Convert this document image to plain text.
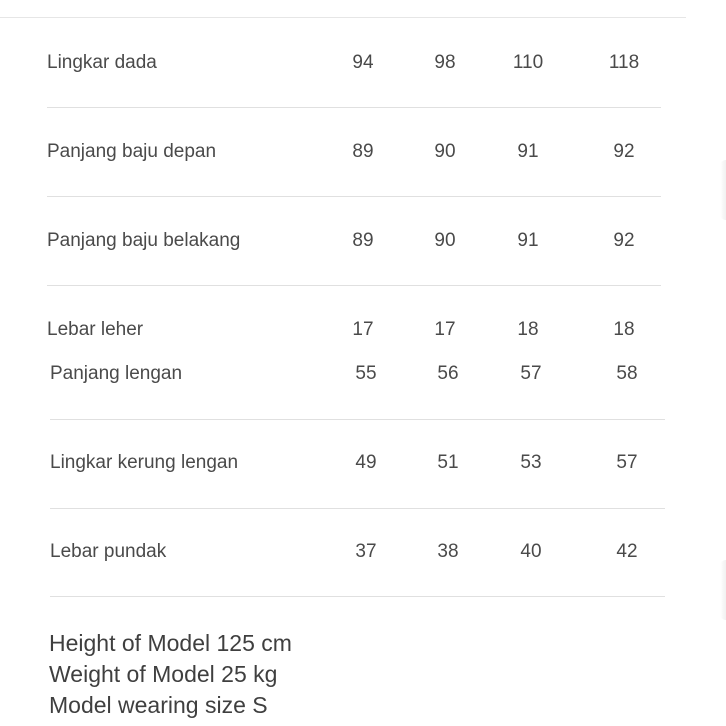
Lingkar dada	94	98	110	118
Panjang baju depan	89	90	91	92
Panjang baju belakang	89	90	91	92
Lebar leher	17	17	18	18
Panjang lengan	55	56	57	58
Lingkar kerung lengan	49	51	53	57
Lebar pundak	37	38	40	42
Height of Model 125 cm
Weight of Model 25 kg
Model wearing size S
